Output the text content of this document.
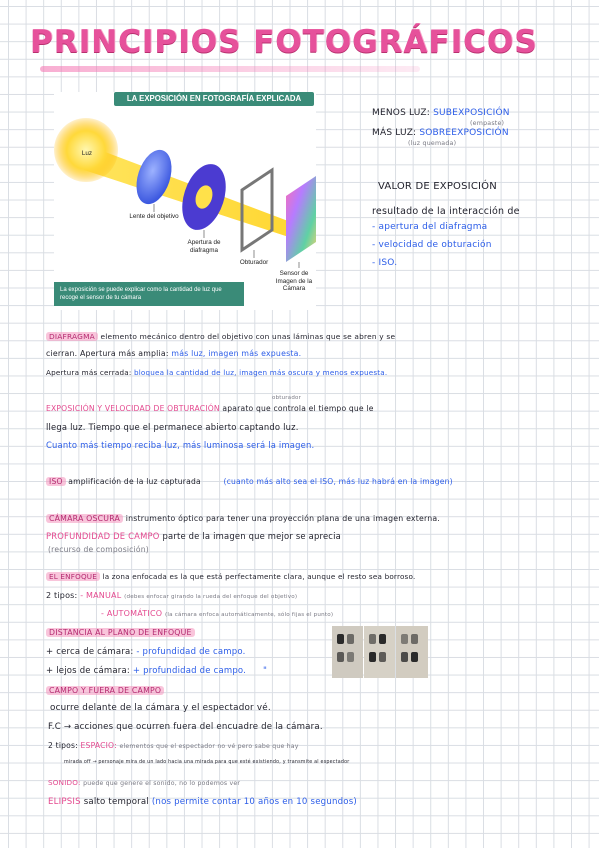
PRINCIPIOS FOTOGRÁFICOS
LA EXPOSICIÓN EN FOTOGRAFÍA EXPLICADA
Luz
Lente del objetivo
Apertura de diafragma
Obturador
Sensor de Imagen de la Cámara
La exposición se puede explicar como la cantidad de luz que recoge el sensor de tu cámara
MENOS LUZ: SUBEXPOSICIÓN
(empaste)
MÁS LUZ: SOBREEXPOSICIÓN
(luz quemada)
VALOR DE EXPOSICIÓN
resultado de la interacción de
- apertura del diafragma
- velocidad de obturación
- ISO.
DIAFRAGMA elemento mecánico dentro del objetivo con unas láminas que se abren y se
cierran. Apertura más amplia: más luz, imagen más expuesta.
Apertura más cerrada: bloquea la cantidad de luz, imagen más oscura y menos expuesta.
obturador
EXPOSICIÓN Y VELOCIDAD DE OBTURACIÓN aparato que controla el tiempo que le
llega luz. Tiempo que el permanece abierto captando luz.
Cuanto más tiempo reciba luz, más luminosa será la imagen.
ISO amplificación de la luz capturada	(cuanto más alto sea el ISO, más luz habrá en la imagen)
CÁMARA OSCURA instrumento óptico para tener una proyección plana de una imagen externa.
PROFUNDIDAD DE CAMPO parte de la imagen que mejor se aprecia
(recurso de composición)
EL ENFOQUE la zona enfocada es la que está perfectamente clara, aunque el resto sea borroso.
2 tipos: - MANUAL (debes enfocar girando la rueda del enfoque del objetivo)
- AUTOMÁTICO (la cámara enfoca automáticamente, sólo fijas el punto)
DISTANCIA AL PLANO DE ENFOQUE
+ cerca de cámara: - profundidad de campo.
+ lejos de cámara: + profundidad de campo. "
CAMPO Y FUERA DE CAMPO
ocurre delante de la cámara y el espectador vé.
F.C → acciones que ocurren fuera del encuadre de la cámara.
2 tipos: ESPACIO: elementos que el espectador no vé pero sabe que hay
mirada off → personaje mira de un lado hacia una mirada para que esté existiendo, y transmite al espectador
SONIDO: puede que genere el sonido, no lo podemos ver
ELIPSIS salto temporal (nos permite contar 10 años en 10 segundos)
